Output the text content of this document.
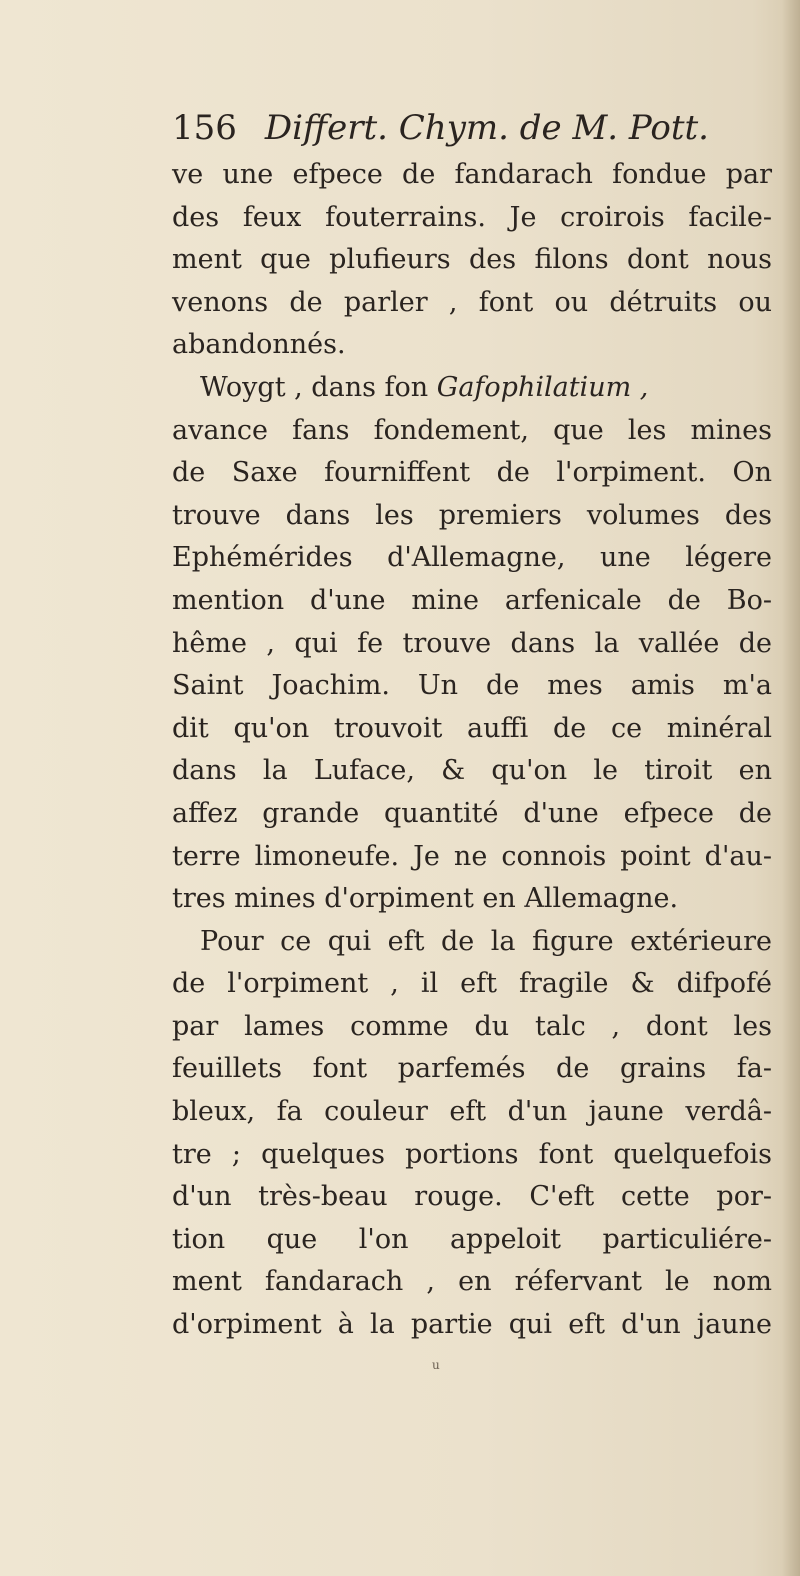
156 Differt. Chym. de M. Pott.
ve une efpece de fandarach fondue par
des feux fouterrains. Je croirois facile-
ment que plufieurs des filons dont nous
venons de parler , font ou détruits ou
abandonnés.
Woygt , dans fon Gafophilatium ,
avance fans fondement, que les mines
de Saxe fourniffent de l'orpiment. On
trouve dans les premiers volumes des
Ephémérides d'Allemagne, une légere
mention d'une mine arfenicale de Bo-
hême , qui fe trouve dans la vallée de
Saint Joachim. Un de mes amis m'a
dit qu'on trouvoit auffi de ce minéral
dans la Luface, & qu'on le tiroit en
affez grande quantité d'une efpece de
terre limoneufe. Je ne connois point d'au-
tres mines d'orpiment en Allemagne.
Pour ce qui eft de la figure extérieure
de l'orpiment , il eft fragile & difpofé
par lames comme du talc , dont les
feuillets font parfemés de grains fa-
bleux, fa couleur eft d'un jaune verdâ-
tre ; quelques portions font quelquefois
d'un très-beau rouge. C'eft cette por-
tion que l'on appeloit particuliére-
ment fandarach , en réfervant le nom
d'orpiment à la partie qui eft d'un jaune
u
